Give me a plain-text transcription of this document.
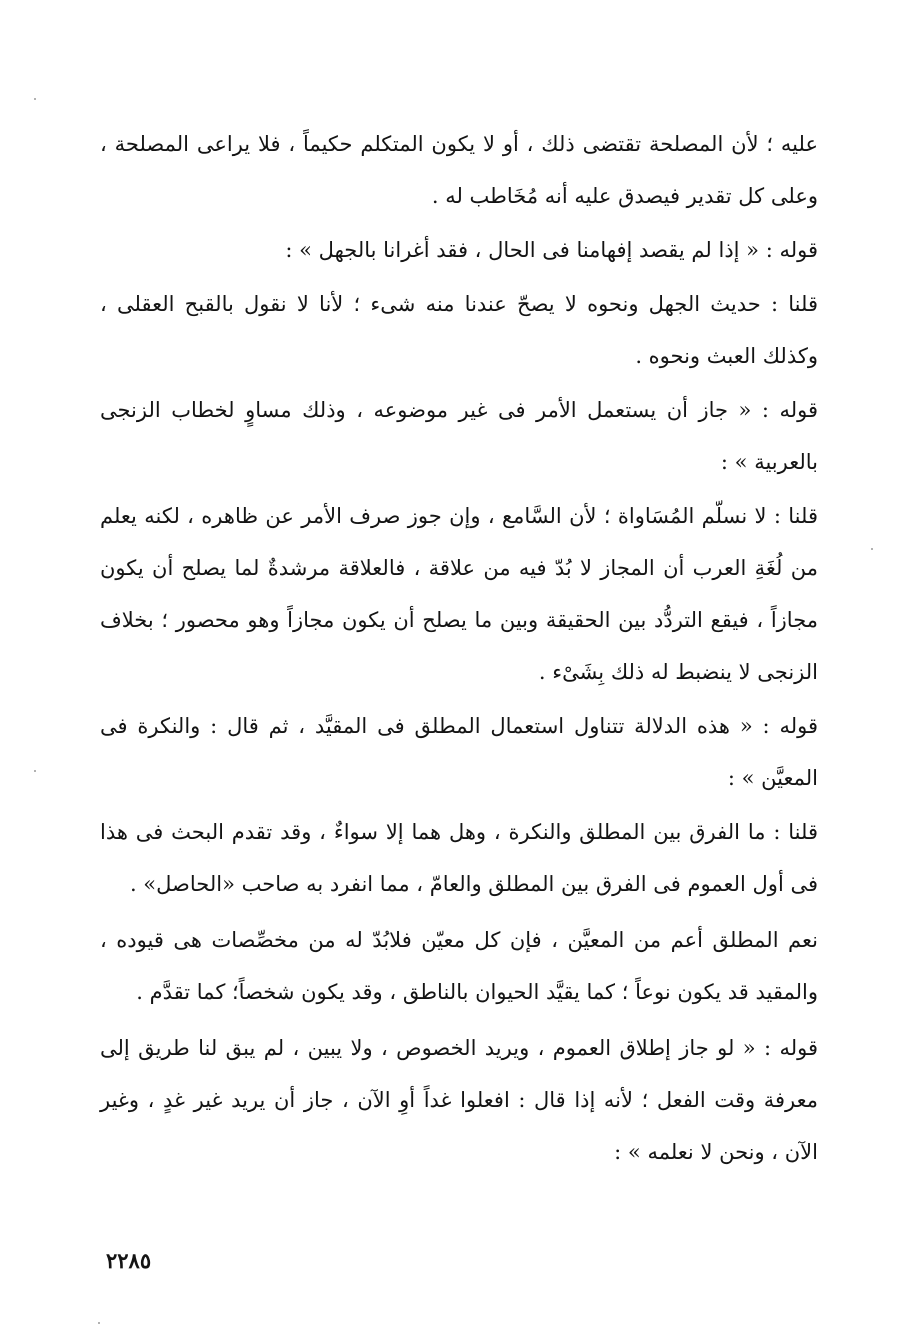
عليه ؛ لأن المصلحة تقتضى ذلك ، أو لا يكون المتكلم حكيماً ، فلا يراعى المصلحة ، وعلى كل تقدير فيصدق عليه أنه مُخَاطب له .

قوله : « إذا لم يقصد إفهامنا فى الحال ، فقد أغرانا بالجهل » :

قلنا : حديث الجهل ونحوه لا يصحّ عندنا منه شىء ؛ لأنا لا نقول بالقبح العقلى ، وكذلك العبث ونحوه .

قوله : « جاز أن يستعمل الأمر فى غير موضوعه ، وذلك مساوٍ لخطاب الزنجى بالعربية » :

قلنا : لا نسلّم المُسَاواة ؛ لأن السَّامع ، وإن جوز صرف الأمر عن ظاهره ، لكنه يعلم من لُغَةِ العرب أن المجاز لا بُدّ فيه من علاقة ، فالعلاقة مرشدةٌ لما يصلح أن يكون مجازاً ، فيقع التردُّد بين الحقيقة وبين ما يصلح أن يكون مجازاً وهو محصور ؛ بخلاف الزنجى لا ينضبط له ذلك بِشَىْء .

قوله : « هذه الدلالة تتناول استعمال المطلق فى المقيَّد ، ثم قال : والنكرة فى المعيَّن » :

قلنا : ما الفرق بين المطلق والنكرة ، وهل هما إلا سواءٌ ، وقد تقدم البحث فى هذا فى أول العموم فى الفرق بين المطلق والعامّ ، مما انفرد به صاحب «الحاصل» .

نعم المطلق أعم من المعيَّن ، فإن كل معيّن فلابُدّ له من مخصِّصات هى قيوده ، والمقيد قد يكون نوعاً ؛ كما يقيَّد الحيوان بالناطق ، وقد يكون شخصاً؛ كما تقدَّم .

قوله : « لو جاز إطلاق العموم ، ويريد الخصوص ، ولا يبين ، لم يبق لنا طريق إلى معرفة وقت الفعل ؛ لأنه إذا قال : افعلوا غداً أوِ الآن ، جاز أن يريد غير غدٍ ، وغير الآن ، ونحن لا نعلمه » :

٢٢٨٥
